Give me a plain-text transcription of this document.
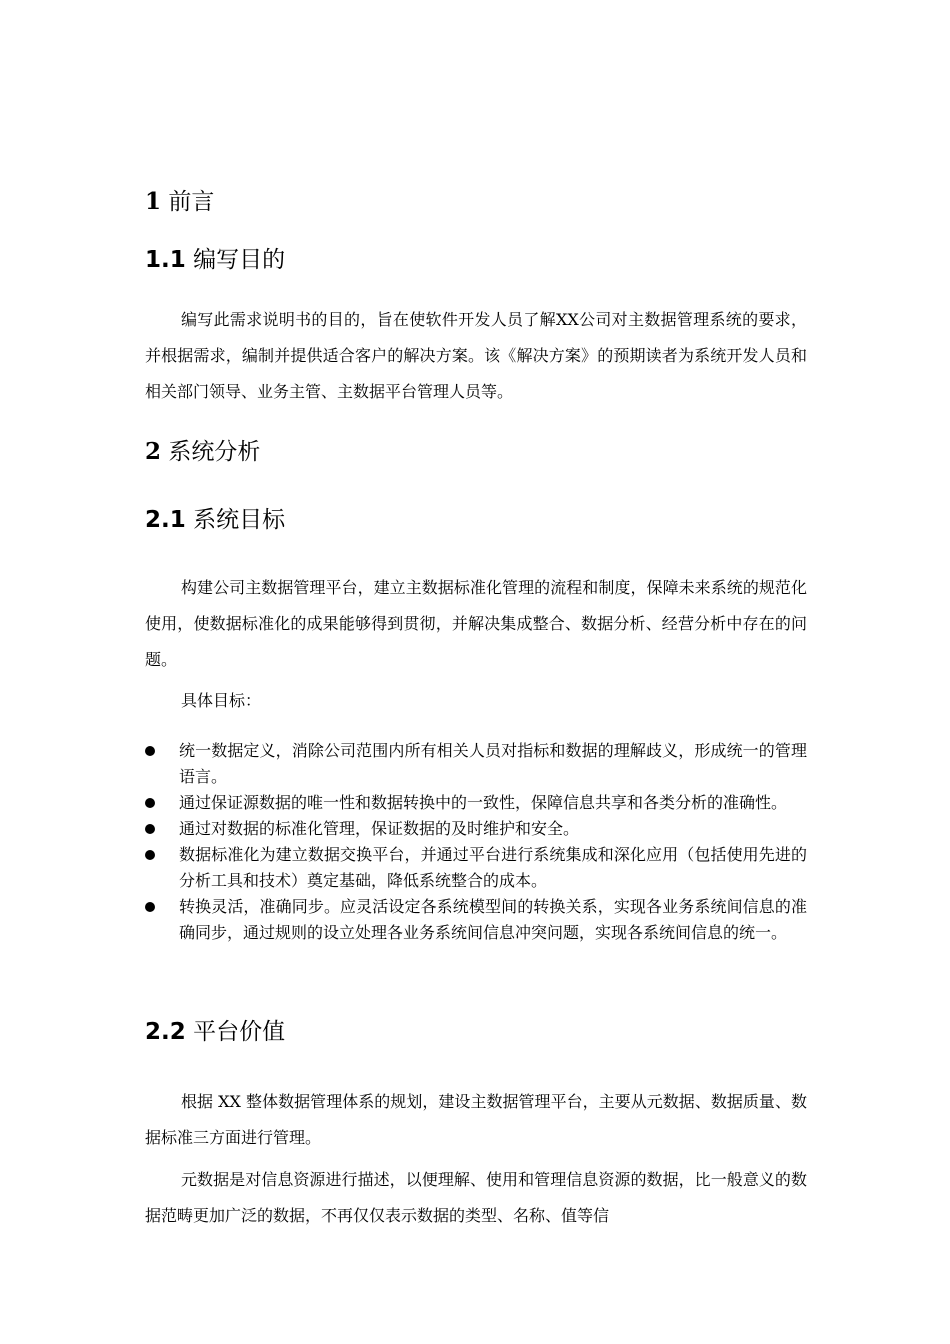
1 前言
1.1 编写目的

编写此需求说明书的目的，旨在使软件开发人员了解XX公司对主数据管理系统的要求，并根据需求，编制并提供适合客户的解决方案。该《解决方案》的预期读者为系统开发人员和相关部门领导、业务主管、主数据平台管理人员等。

2 系统分析
2.1 系统目标

构建公司主数据管理平台，建立主数据标准化管理的流程和制度，保障未来系统的规范化使用，使数据标准化的成果能够得到贯彻，并解决集成整合、数据分析、经营分析中存在的问题。

具体目标：

统一数据定义，消除公司范围内所有相关人员对指标和数据的理解歧义，形成统一的管理语言。
通过保证源数据的唯一性和数据转换中的一致性，保障信息共享和各类分析的准确性。
通过对数据的标准化管理，保证数据的及时维护和安全。
数据标准化为建立数据交换平台，并通过平台进行系统集成和深化应用（包括使用先进的分析工具和技术）奠定基础，降低系统整合的成本。
转换灵活，准确同步。应灵活设定各系统模型间的转换关系，实现各业务系统间信息的准确同步，通过规则的设立处理各业务系统间信息冲突问题，实现各系统间信息的统一。
2.2 平台价值

根据 XX 整体数据管理体系的规划，建设主数据管理平台，主要从元数据、数据质量、数据标准三方面进行管理。

元数据是对信息资源进行描述，以便理解、使用和管理信息资源的数据，比一般意义的数据范畴更加广泛的数据，不再仅仅表示数据的类型、名称、值等信
